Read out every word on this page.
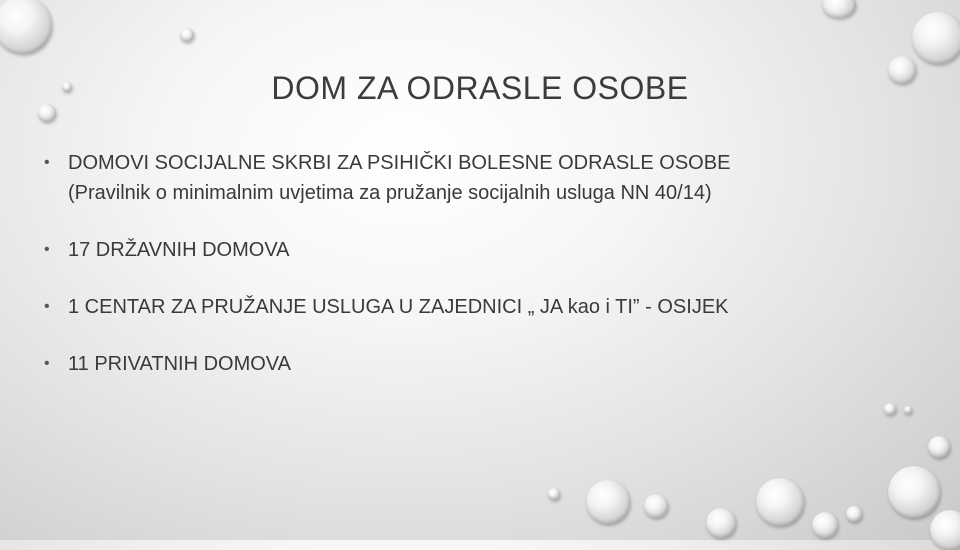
DOM ZA ODRASLE OSOBE
• DOMOVI SOCIJALNE SKRBI ZA PSIHIČKI BOLESNE ODRASLE OSOBE
(Pravilnik o minimalnim uvjetima za pružanje socijalnih usluga NN 40/14)
• 17 DRŽAVNIH DOMOVA
• 1 CENTAR ZA PRUŽANJE USLUGA U ZAJEDNICI „ JA kao i TI” - OSIJEK
• 11 PRIVATNIH DOMOVA
